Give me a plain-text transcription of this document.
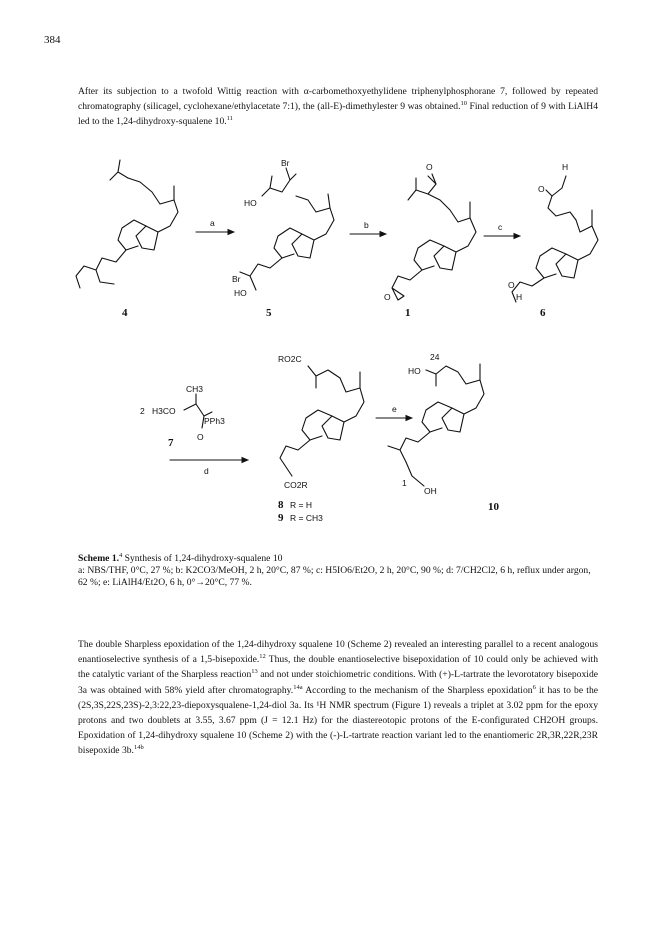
384

After its subjection to a twofold Wittig reaction with α-carbomethoxyethylidene triphenylphosphorane 7, followed by repeated chromatography (silicagel, cyclohexane/ethylacetate 7:1), the (all-E)-dimethylester 9 was obtained.$^{10}$ Final reduction of 9 with LiAlH4 led to the 1,24-dihydroxy-squalene 10.11

a
4
Br
HO
Br
HO
b
5
O
O
c
1
H
O
O
H
6
CH3
2 H3CO
PPh3
O
7
d
RO2C
CO2R
8 R = H
9 R = CH3
e
24
HO
1
OH
10
Scheme 1.$^4$ Synthesis of 1,24-dihydroxy-squalene 10
a: NBS/THF, 0°C, 27 %; b: K2CO3/MeOH, 2 h, 20°C, 87 %; c: H5IO6/Et2O, 2 h, 20°C, 90 %; d: 7/CH2Cl2, 6 h, reflux under argon, 62 %; e: LiAlH4/Et2O, 6 h, 0°→20°C, 77 %.

The double Sharpless epoxidation of the 1,24-dihydroxy squalene 10 (Scheme 2) revealed an interesting parallel to a recent analogous enantioselective synthesis of a 1,5-bisepoxide.$^{12}$ Thus, the double enantioselective bisepoxidation of 10 could only be achieved with the catalytic variant of the Sharpless reaction$^{13}$ and not under stoichiometric conditions. With (+)-L-tartrate the levorotatory bisepoxide 3a was obtained with 58% yield after chromatography.$^{14a}$ According to the mechanism of the Sharpless epoxidation$^6$ it has to be the (2S,3S,22S,23S)-2,3:22,23-diepoxysqualene-1,24-diol 3a. Its ¹H NMR spectrum (Figure 1) reveals a triplet at 3.02 ppm for the epoxy protons and two doublets at 3.55, 3.67 ppm (J = 12.1 Hz) for the diastereotopic protons of the E-configurated CH2OH groups. Epoxidation of 1,24-dihydroxy squalene 10 (Scheme 2) with the (-)-L-tartrate reaction variant led to the enantiomeric 2R,3R,22R,23R bisepoxide 3b.$^{14b}$
